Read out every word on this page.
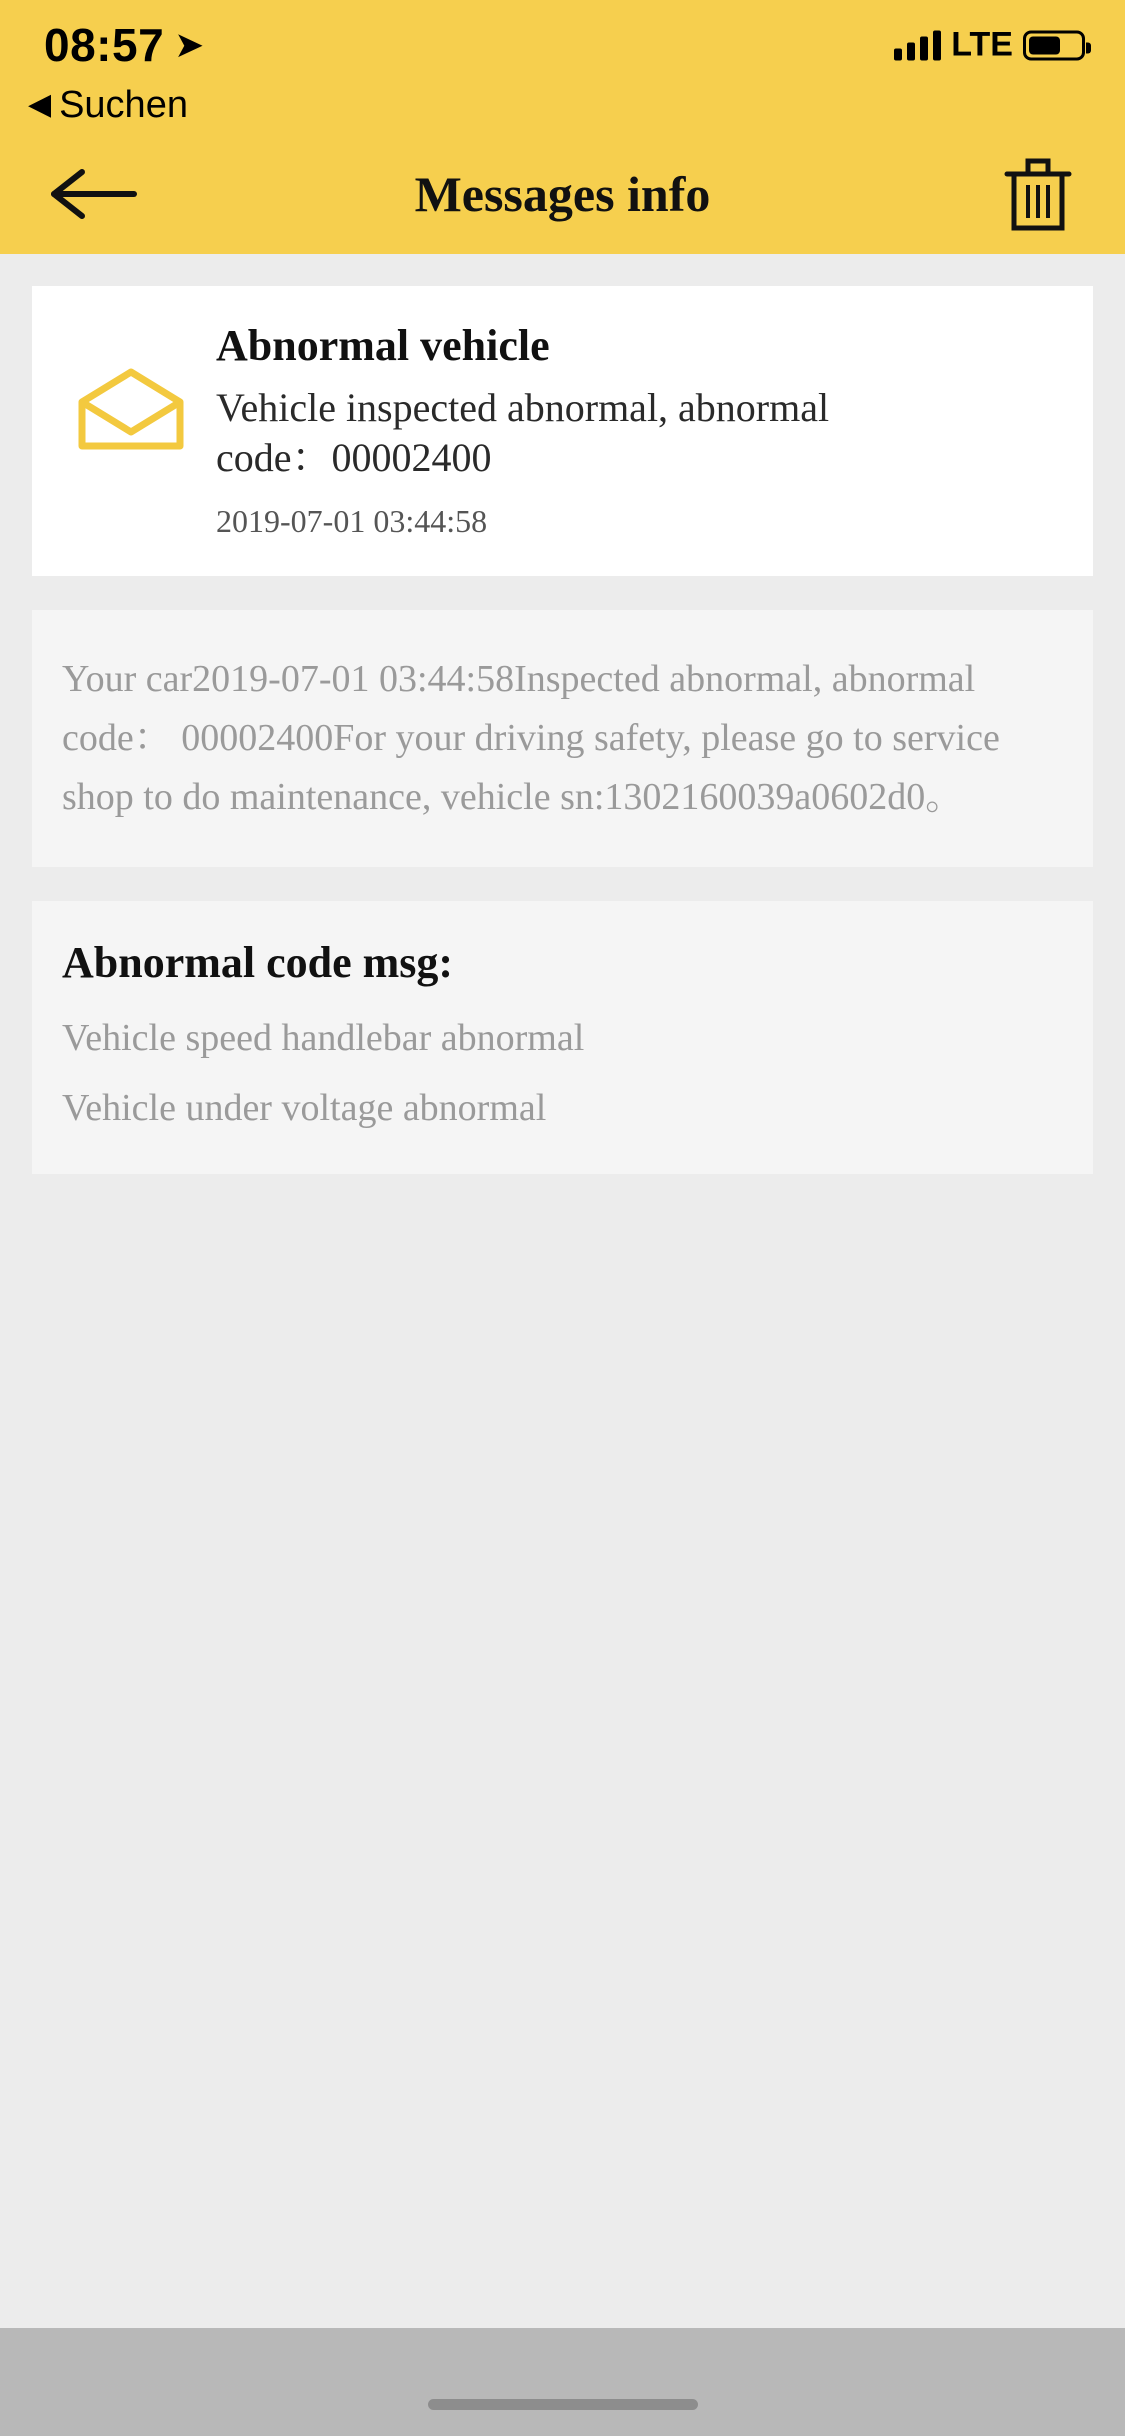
08:57 ➤	LTE
◀ Suchen
Messages info
Abnormal vehicle
Vehicle inspected abnormal, abnormal code：00002400
2019-07-01 03:44:58
Your car2019-07-01 03:44:58Inspected abnormal, abnormal code： 00002400For your driving safety, please go to service shop to do maintenance, vehicle sn:1302160039a0602d0。
Abnormal code msg:
Vehicle speed handlebar abnormal
Vehicle under voltage abnormal
